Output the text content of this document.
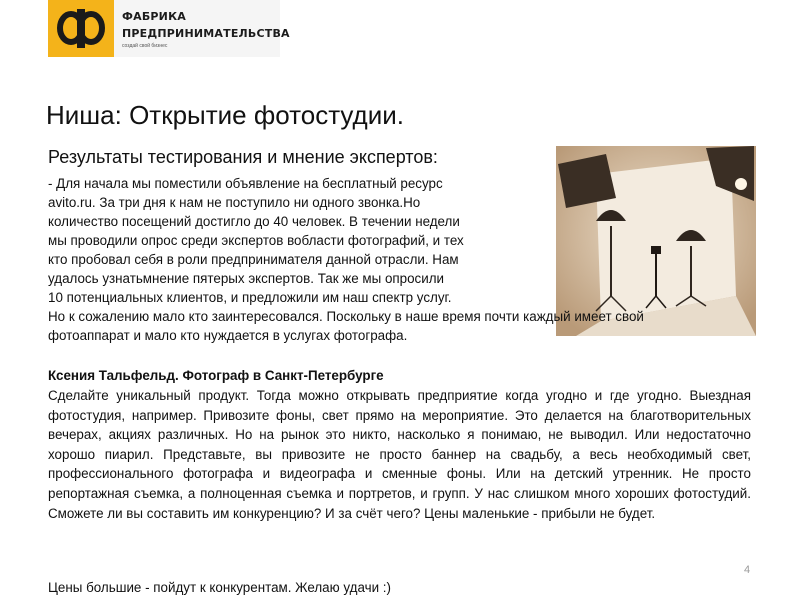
ФАБРИКА
ПРЕДПРИНИМАТЕЛЬСТВА
создай свой бизнес
Ниша: Открытие фотостудии.
Результаты тестирования и мнение экспертов:
- Для начала мы поместили объявление на бесплатный ресурс
avito.ru. За три дня к нам не поступило ни одного звонка.Но
количество посещений достигло до 40 человек. В течении недели
мы проводили опрос среди экспертов вобласти фотографий, и тех
кто пробовал себя в роли предпринимателя данной отрасли. Нам
удалось узнатьмнение пятерых экспертов. Так же мы опросили
10 потенциальных клиентов, и предложили им наш спектр услуг.
Но к сожалению мало кто заинтересовался. Поскольку в наше время почти каждый имеет свой
фотоаппарат и мало кто нуждается в услугах фотографа.
Ксения Тальфельд. Фотограф в Санкт-Петербурге
Сделайте уникальный продукт. Тогда можно открывать предприятие когда угодно и где угодно. Выездная фотостудия, например. Привозите фоны, свет прямо на мероприятие. Это делается на благотворительных вечерах, акциях различных. Но на рынок это никто, насколько я понимаю, не выводил. Или недостаточно хорошо пиарил. Представьте, вы привозите не просто баннер на свадьбу, а весь необходимый свет, профессионального фотографа и видеографа и сменные фоны. Или на детский утренник. Не просто репортажная съемка, а полноценная съемка и портретов, и групп. У нас слишком много хороших фотостудий. Сможете ли вы составить им конкуренцию? И за счёт чего? Цены маленькие - прибыли не будет.
Цены большие - пойдут к конкурентам. Желаю удачи :)
4
